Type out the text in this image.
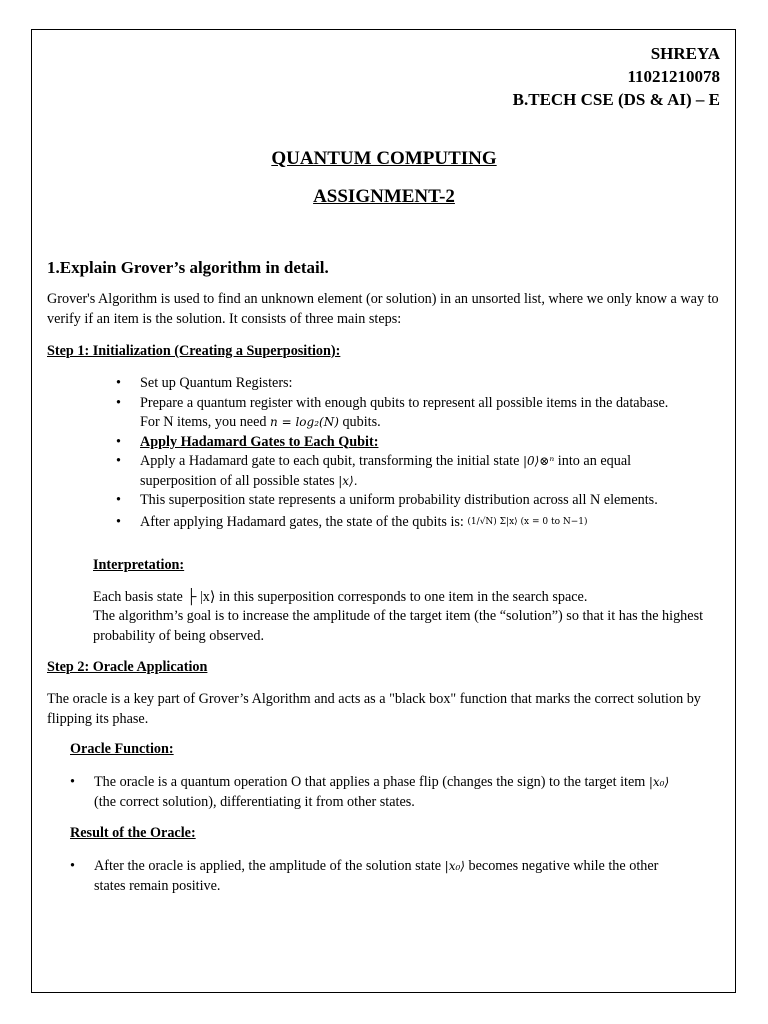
SHREYA
11021210078
B.TECH CSE (DS & AI) – E
QUANTUM COMPUTING
ASSIGNMENT-2
1.Explain Grover’s algorithm in detail.
Grover's Algorithm is used to find an unknown element (or solution) in an unsorted list, where we only know a way to verify if an item is the solution. It consists of three main steps:
Step 1: Initialization (Creating a Superposition):
• Set up Quantum Registers:
• Prepare a quantum register with enough qubits to represent all possible items in the database.
For N items, you need n = log₂(N) qubits.
• Apply Hadamard Gates to Each Qubit:
• Apply a Hadamard gate to each qubit, transforming the initial state |0⟩⊗ⁿ into an equal
superposition of all possible states |x⟩.
• This superposition state represents a uniform probability distribution across all N elements.
• After applying Hadamard gates, the state of the qubits is: (1/√N) Σ|x⟩ (x = 0 to N−1)
Interpretation:
Each basis state ├ |x⟩ in this superposition corresponds to one item in the search space.
The algorithm’s goal is to increase the amplitude of the target item (the “solution”) so that it has the highest probability of being observed.
Step 2: Oracle Application
The oracle is a key part of Grover’s Algorithm and acts as a "black box" function that marks the correct solution by flipping its phase.
Oracle Function:
• The oracle is a quantum operation O that applies a phase flip (changes the sign) to the target item |x₀⟩
(the correct solution), differentiating it from other states.
Result of the Oracle:
• After the oracle is applied, the amplitude of the solution state |x₀⟩ becomes negative while the other
states remain positive.
